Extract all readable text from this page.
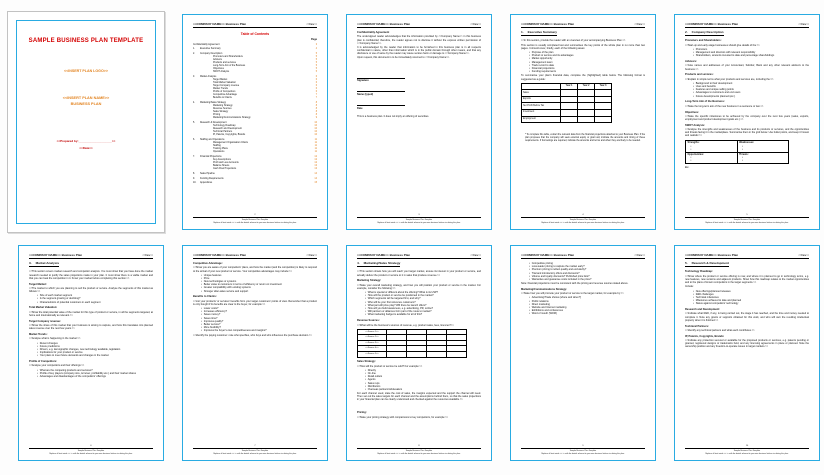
SAMPLE BUSINESS PLAN TEMPLATE
<<INSERT PLAN LOGO>>
<<INSERT PLAN NAME>>
BUSINESS PLAN
<<Prepared by:____________________>>
<<Date>>
<<COMPANY NAME>> Business Plan	<<Date>>
Table of Contents
Page
Confidentiality Agreement	3
1.	Executive Summary	4
2.	Company Description	5
Promoters and Shareholders	5
Advisors	5
Products and services	5
Long-Term Aim of the Business	5
Objectives	5
SWOT Analysis	5
3.	Market Analysis	6
Target Market	6
Total Market Valuation	6
Target Company revenue	6
Market Trends	6
Profile of Competitors	6
Competitive Advantage	7
Benefits to Clients	7
4.	Marketing/Sales Strategy	8
Marketing Strategy	8
Revenue Sources	8
Sales Strategy	8
Pricing	8
Marketing/Communications Strategy	9
5.	Research & Development	10
Technology Roadmap	10
Research and Development	10
Technical Partners	10
IP, Patents, Copyrights, Brands	10
6.	Staffing and Operations	11
Management Organisation Charts	11
Staffing	11
Training Plans	11
Operations	11
7.	Financial Projections	12
Key Assumptions	12
Profit and Loss Accounts	12
Balance Sheets	13
Cash Flow Projections	13
8.	Sales Pipeline	14
9.	Funding Requirements	14
10.	Appendices	15
2
Sample Business Plan Template
Replace all text inside << >> with the details relevant to your own business before circulating this plan.
<<COMPANY NAME>> Business Plan	<<Date>>
Confidentiality Agreement
The undersigned reader acknowledges that the information provided by <<Company Name>> in this business plan is confidential; therefore, the reader agrees not to disclose it without the express written permission of <<Company Name>>.
It is acknowledged by the reader that information to be furnished in this business plan is in all respects confidential in nature, other than information which is in the public domain through other means, and that any disclosure or use of same by the reader may cause serious harm or damage to <<Company Name>>.
Upon request, this document is to be immediately returned to <<Company Name>>.
Signature
Name (typed)
Date
This is a business plan. It does not imply an offering of securities.
3
Sample Business Plan Template
Replace all text inside << >> with the details relevant to your own business before circulating this plan.
<<COMPANY NAME>> Business Plan	<<Date>>
1. Executive Summary
<<In this section, provide the reader with an overview of your accompanying Business Plan.>>
This section is usually completed last and summarises the key points of the whole plan in no more than two pages. It should cover, briefly, each of the following areas:
• Purpose of the plan
• Product or service and its advantages
• Market opportunity
• Management team
• Track record to date
• Financial projections
• Funding requirements
To summarise your plan's financial data, complete the (highlighted) table below. The following format is suggested as a guide:
	Year 1	Year 2	Year 3
Sales			
Exports			
Net Profit Before Tax			
Investment			
Employment			
* To complete this table, extract the relevant data from the financial projections attached to your Business Plan. If the plan proposes that the company will seek external equity or grant aid, indicate the amounts and timing of these requirements. If borrowings are required, indicate the amounts and terms and when they are likely to be needed.
4
Sample Business Plan Template
Replace all text inside << >> with the details relevant to your own business before circulating this plan.
<<COMPANY NAME>> Business Plan	<<Date>>
2. Company Description
Promoters and Shareholders:
<<Start-up and early-stage businesses should give details of the:>>
• Promoters
• Management and directors with relevant responsibility
• Shareholders, amounts invested to date and percentage shareholdings
Advisors:
<<Give names and addresses of your Accountant, Solicitor, Bank and any other relevant advisors to the business.>>
Products and services:
<<Explain in simple terms what your products and services are, including the:>>
• Background to their development
• Uses and benefits
• Features and unique selling points
• Advantages to customers and end users
• Future developments planned (etc.)
Long-Term Aim of the Business:
<<State the long-term aim of the new business in a sentence or two.>>
Objectives:
<<State the specific milestones to be achieved by the company over the next few years (sales, exports, employment and product development goals etc.).>>
SWOT Analysis:
<<Analyse the strengths and weaknesses of the business and its products or services, and the opportunities and threats facing it in the marketplace. Summarise them in the grid below. Use bullet points, and keep it honest and realistic:>>
Strengths:
•
•	Weaknesses:
•
•

Opportunities:
•
•	Threats:
•
•
Etc.
5
Sample Business Plan Template
Replace all text inside << >> with the details relevant to your own business before circulating this plan.
<<COMPANY NAME>> Business Plan	<<Date>>
3. Market Analysis
<<This section covers market research and competitor analysis. You must show that you have done the market research needed to justify the sales projections made in your plan. It must show there is a viable market and that you can beat the competition in it. Know your market before completing this section.>>
Target Market:
<<The market to which you are planning to sell the product or service. Analyse the segments of this market as follows:>>
• Size of each market segment
• Is the segment growing or declining?
• Characteristics of potential customers in each segment
Total Market Valuation:
<<Show the total potential value of the market for this type of product or service, in all the segments targeted, at home and internationally as relevant.>>
Target Company revenue:
<<Show the share of this market that your business is aiming to capture, and how this translates into planned sales revenue over the next few years.>>
Market Trends:
<<Analyse what is happening in the market:>>
• Recent changes
• Future predictions
• Drivers, e.g. demographic changes, new technology available, legislation
• Implications for your product or service
• Your plans to meet future demands and changes in the market
Profile of Competitors:
<<Analyse your competitors and their offerings:>>
• What are the competing products and services?
• Profile of key players (company size, turnover, profitability etc.) and their market shares
• Advantages and disadvantages of the competitors' offerings
6
Sample Business Plan Template
Replace all text inside << >> with the details relevant to your own business before circulating this plan.
<<COMPANY NAME>> Business Plan	<<Date>>
Competitive Advantage:
<<Show you are aware of your competitors' plans, and how the market (and the competition) is likely to respond to the arrival of your new product or service. Your competitive advantages may include:>>
• Unique features
• Price
• New technologies or systems
• Better value to customers in terms of efficiency or return on investment
• Greater compatibility with existing systems
• Stronger after-sales service and support
Benefits to Clients:
<<List your products' or services' benefits from your target customers' points of view. Remember that a product is only bought if its benefits are clear to the buyer, for example:>>
• Lower costs?
• Increases efficiency?
• Saves money?
• Saves time?
• Improves quality?
• Better service?
• More flexibility?
• Improves the buyer's own competitiveness and margins?
<<Identify the paying customer: note who specifies, who buys and who influences the purchase decision.>>
7
Sample Business Plan Template
Replace all text inside << >> with the details relevant to your own business before circulating this plan.
<<COMPANY NAME>> Business Plan	<<Date>>
4. Marketing/Sales Strategy
<<This section shows how you will reach your target market, arouse its interest in your product or service, and actually deliver the product or service to it in sales that produce revenue.>>
Marketing Strategy:
<<State your overall marketing strategy, and how you will position your product or service in the market. For example, consider the following:>>
• What is special or different about the offering? What is its USP?
• How will the product or service be positioned in the market?
• Which segments will be targeted first, and why?
• Who will be your first reference customers?
• What part will price play? Will there be launch offers?
• How will you build awareness, e.g. advertising, PR, online?
• Will partners or alliances form part of the route to market?
• What marketing budget is available for all of this?
Revenue Sources:
<<What will be the business's sources of revenue, e.g. product sales, fees, licences?>>
<<Source 1>>				
<<Source 2>>				
<<Source 3>>				
<<Source 4>>				
<<Source 5>>				
Sales Strategy:
<<How will the product or service be sold? For example:>>
• Directly
• On-line
• Retail outlets
• Agents
• Sales reps
• Distributors
• Overseas partners/wholesalers
For each channel used, state the cost of sales, the margins expected and the support the channel will need. Then set out the sales targets for each channel and the assumptions behind them, so that the sales projections in your financial plan can be clearly understood and checked against the resources available.>>
Pricing:
<<State your pricing strategy with comparisons to key competitors, for example:>>
8
Sample Business Plan Template
Replace all text inside << >> with the details relevant to your own business before circulating this plan.
<<COMPANY NAME>> Business Plan	<<Date>>
• Competitive pricing
• Loss-leader pricing to capture the market early?
• Premium pricing to reflect quality and exclusivity?
• Trial and introductory offers and discounts?
• Volume and loyalty discounts? Published price lists?
• Warranties and guarantee costs included in the price?
Note: financial projections must be consistent with the pricing and revenue sources stated above.
Marketing/Communications Strategy:
<<State how you will promote your product or service to the target market, for example by:>>
• Advertising/Trade shows (where and when?)
• Public relations
• Direct marketing
• Website and Internet marketing
• Exhibitions and conferences
• Word of mouth (WOM)
9
Sample Business Plan Template
Replace all text inside << >> with the details relevant to your own business before circulating this plan.
<<COMPANY NAME>> Business Plan	<<Date>>
5. Research & Development
Technology Roadmap:
<<Show where the product or service offering is now, and where it is planned to go in technology terms, e.g. new features, new versions and adjacent products. Show how this roadmap relates to the market opportunities and to the plans of known competitors in the target segments.>>
Include:
• New offerings/planned releases
• R&D challenges
• Technical milestones
• Milestones achieved to date and planned
• Status against competitors' technology
Research and Development:
<<Indicate what R&D, if any, is being carried out, the stage it has reached, and the time and money needed to complete it. Note any grants or supports obtained for this work, and who will own the resulting intellectual property when it is finished.>>
Technical Partners:
<<Identify any technical partners and what each contributes.>>
IP, Patents, Copyrights, Brands:
<<Indicate any protection secured or available for the proposed products or services, e.g. patents pending or granted, registered designs or trademarks held, and any licensing agreements in place or planned. Note the ownership position and any freedom-to-operate issues in target markets.>>
10
Sample Business Plan Template
Replace all text inside << >> with the details relevant to your own business before circulating this plan.
